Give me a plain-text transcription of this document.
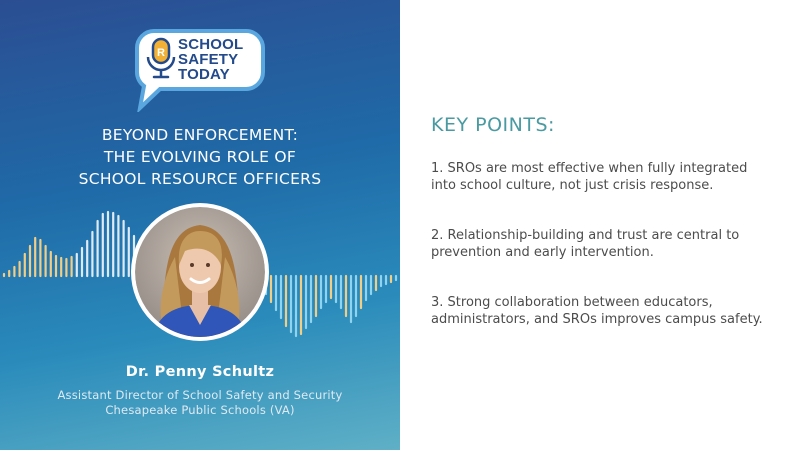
R SCHOOL
SAFETY
TODAY
BEYOND ENFORCEMENT:
THE EVOLVING ROLE OF
SCHOOL RESOURCE OFFICERS
Dr. Penny Schultz
Assistant Director of School Safety and Security
Chesapeake Public Schools (VA)
KEY POINTS:
1. SROs are most effective when fully integrated into school culture, not just crisis response.
2. Relationship-building and trust are central to prevention and early intervention.
3. Strong collaboration between educators, administrators, and SROs improves campus safety.
